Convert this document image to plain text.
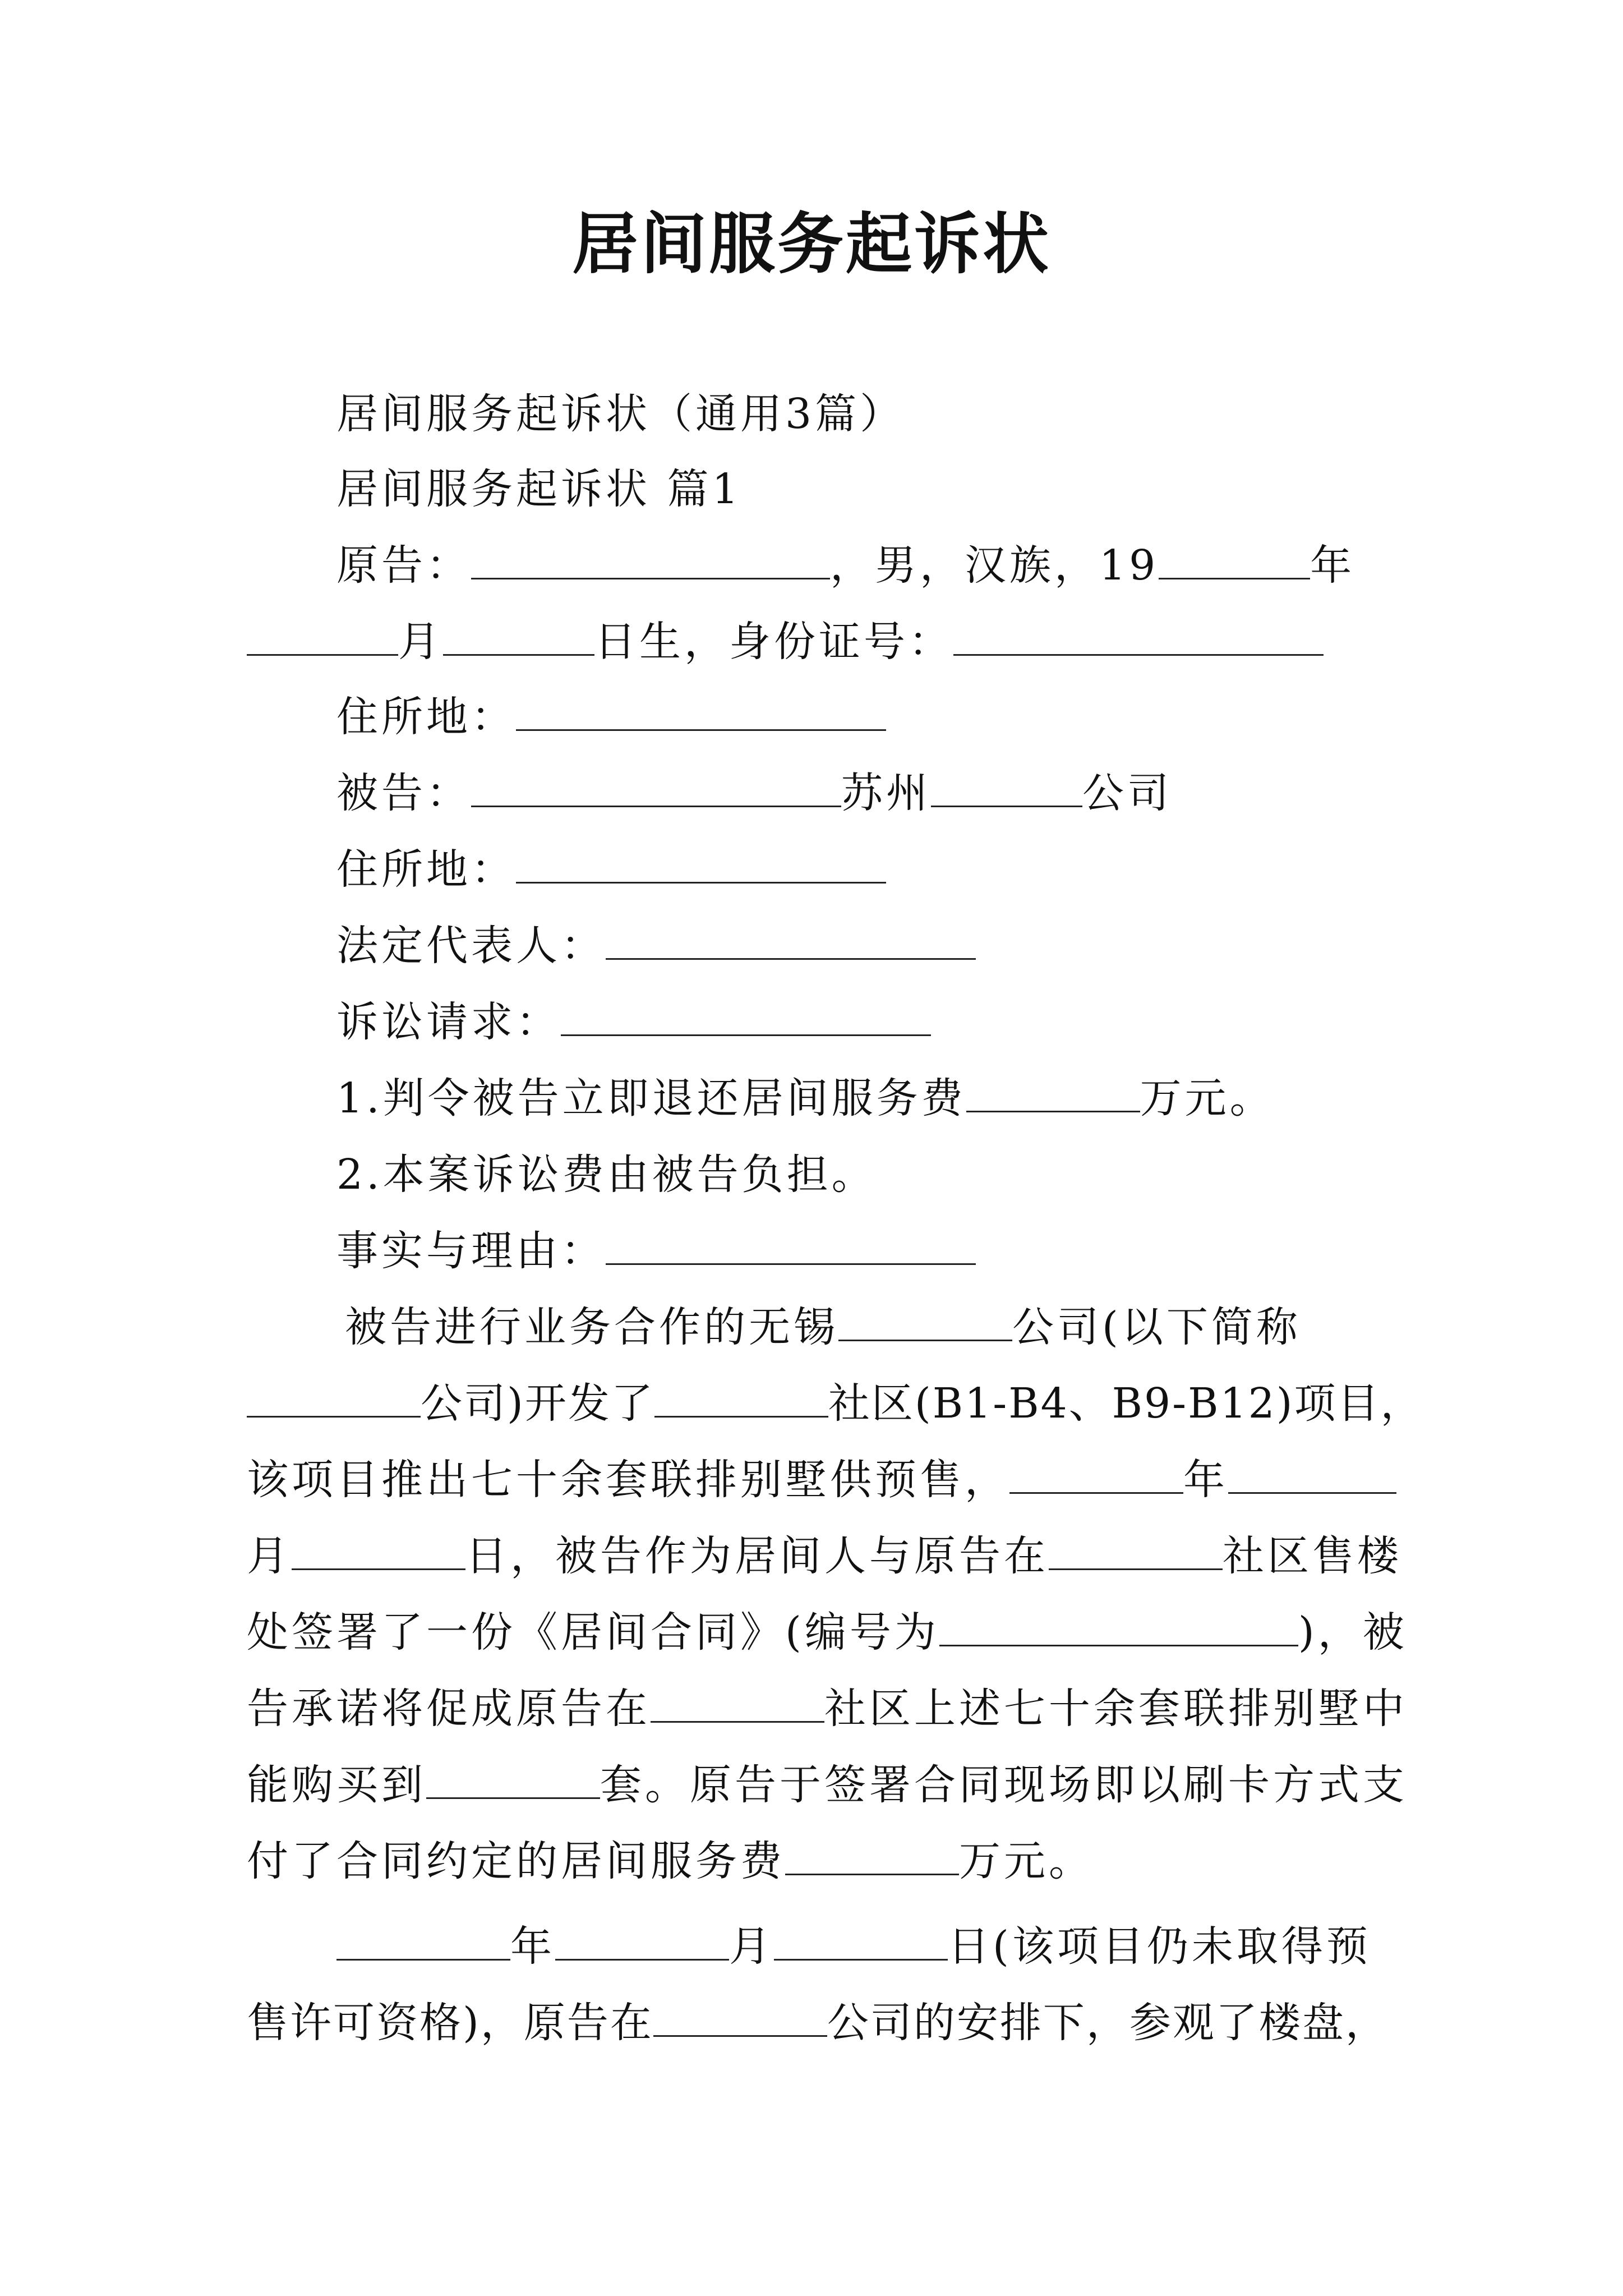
居间服务起诉状
居间服务起诉状（通用3篇）
居间服务起诉状 篇1
原告：	，男，汉族，19	年
月	日生，身份证号：
住所地：
被告：	苏州	公司
住所地：
法定代表人：
诉讼请求：
1.判令被告立即退还居间服务费	万元。
2.本案诉讼费由被告负担。
事实与理由：
被告进行业务合作的无锡	公司(以下简称
公司)开发了	社区(B1-B4、B9-B12)项目，
该项目推出七十余套联排别墅供预售，	年
月	日，被告作为居间人与原告在	社区售楼
处签署了一份《居间合同》(编号为	)，被
告承诺将促成原告在	社区上述七十余套联排别墅中
能购买到	套。原告于签署合同现场即以刷卡方式支
付了合同约定的居间服务费	万元。
年	月	日(该项目仍未取得预
售许可资格)，原告在	公司的安排下，参观了楼盘，
